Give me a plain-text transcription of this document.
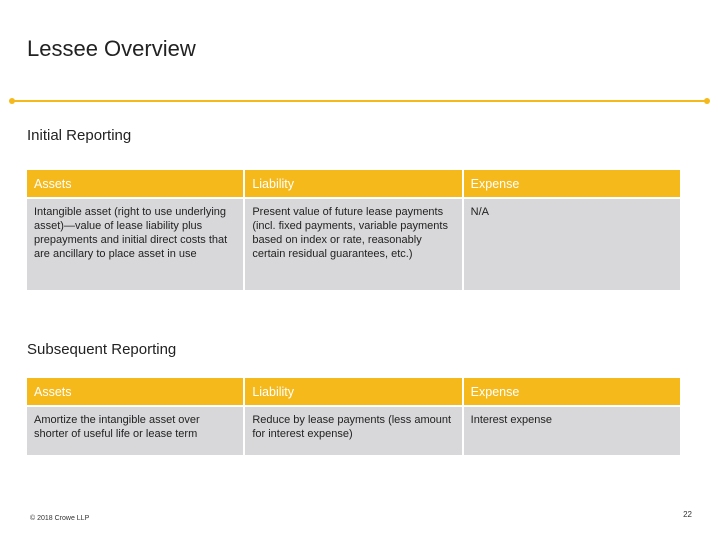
Lessee Overview
Initial Reporting
Assets	Liability	Expense
Intangible asset (right to use underlying asset)—value of lease liability plus prepayments and initial direct costs that are ancillary to place asset in use	Present value of future lease payments (incl. fixed payments, variable payments based on index or rate, reasonably certain residual guarantees, etc.)	N/A
Subsequent Reporting
Assets	Liability	Expense
Amortize the intangible asset over shorter of useful life or lease term	Reduce by lease payments (less amount for interest expense)	Interest expense
© 2018 Crowe LLP	22
